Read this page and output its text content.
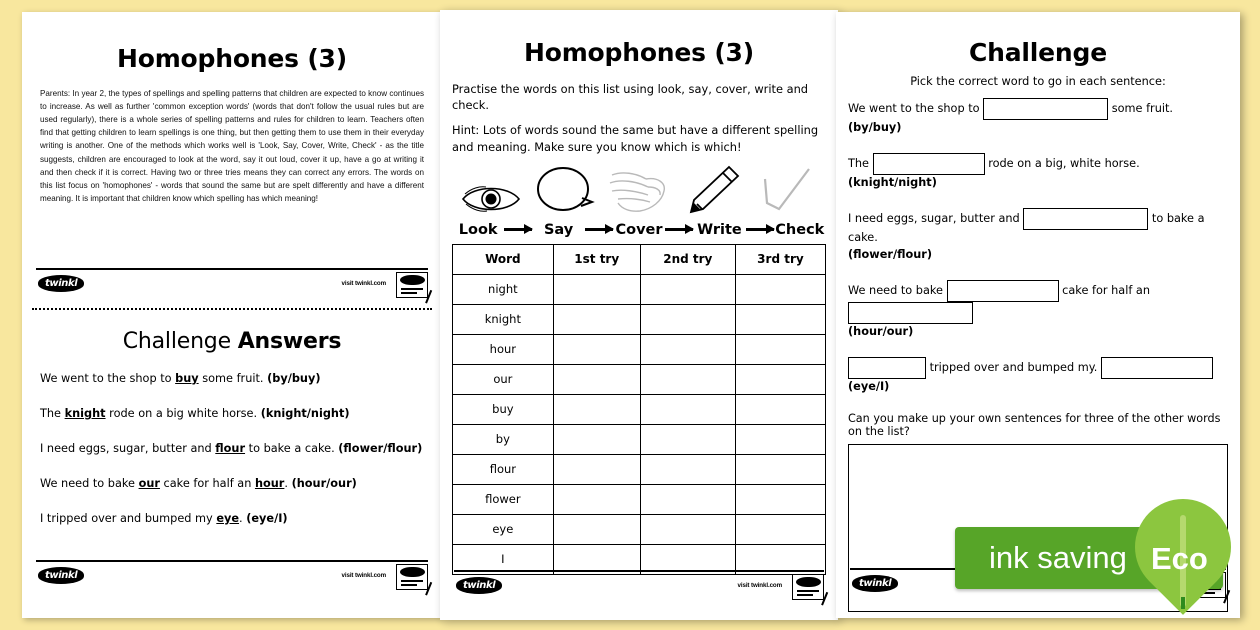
Homophones (3)
Parents: In year 2, the types of spellings and spelling patterns that children are expected to know continues to increase. As well as further 'common exception words' (words that don't follow the usual rules but are used regularly), there is a whole series of spelling patterns and rules for children to learn. Teachers often find that getting children to learn spellings is one thing, but then getting them to use them in their everyday writing is another. One of the methods which works well is 'Look, Say, Cover, Write, Check' - as the title suggests, children are encouraged to look at the word, say it out loud, cover it up, have a go at writing it and then check if it is correct. Having two or three tries means they can correct any errors. The words on this list focus on 'homophones' - words that sound the same but are spelt differently and have a different meaning. It is important that children know which spelling has which meaning!
twinkl	visit twinkl.com
Challenge Answers
We went to the shop to buy some fruit. (by/buy)
The knight rode on a big white horse. (knight/night)
I need eggs, sugar, butter and flour to bake a cake. (flower/flour)
We need to bake our cake for half an hour. (hour/our)
I tripped over and bumped my eye. (eye/I)
twinkl	visit twinkl.com
Homophones (3)
Practise the words on this list using look, say, cover, write and check.
Hint: Lots of words sound the same but have a different spelling and meaning. Make sure you know which is which!
Look	Say	Cover Write Check
Word	1st try	2nd try	3rd try
night			
knight			
hour			
our			
buy			
by			
flour			
flower			
eye			
I			
twinkl	visit twinkl.com
Challenge
Pick the correct word to go in each sentence:
We went to the shop to	some fruit. (by/buy)
The	rode on a big, white horse. (knight/night)
I need eggs, sugar, butter and	to bake a cake.
(flower/flour)
We need to bake	cake for half an
(hour/our)
tripped over and bumped my.  (eye/I)
Can you make up your own sentences for three of the other words on the list?
twinkl
ink saving Eco
